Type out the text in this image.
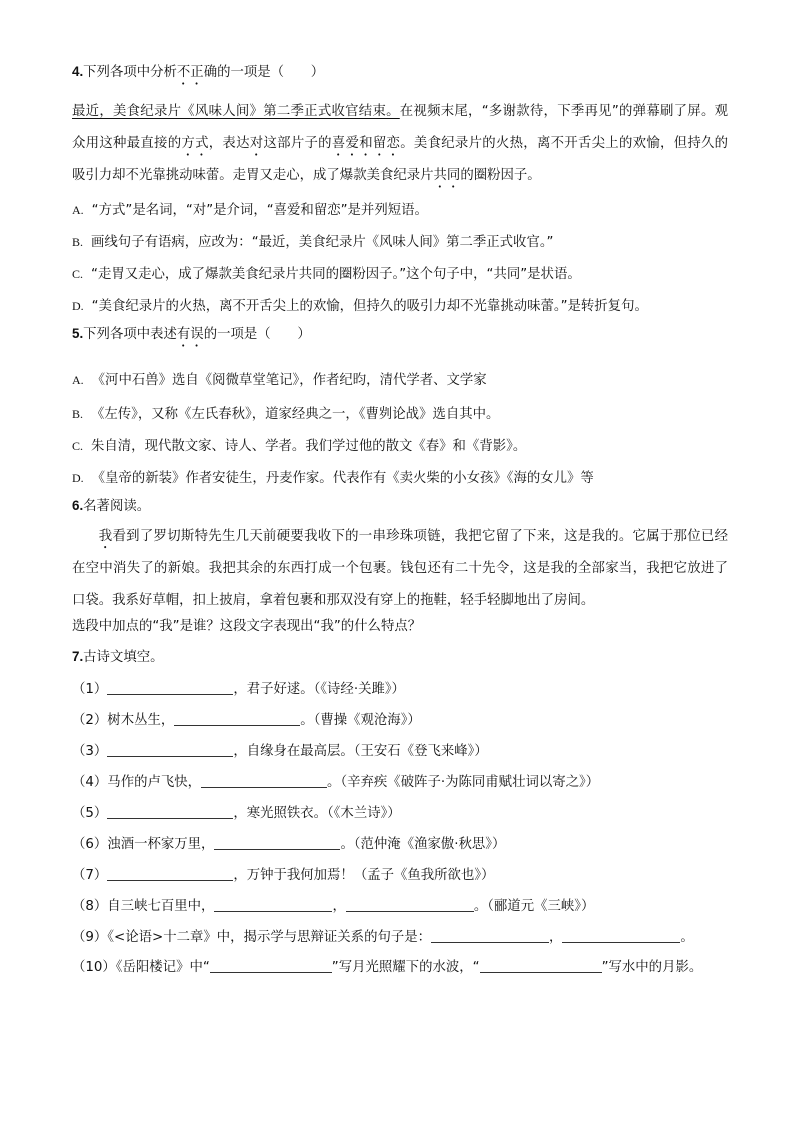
4.下列各项中分析不正确的一项是（　　）

最近，美食纪录片《风味人间》第二季正式收官结束。在视频末尾，“多谢款待，下季再见”的弹幕刷了屏。观众用这种最直接的方式，表达对这部片子的喜爱和留恋。美食纪录片的火热，离不开舌尖上的欢愉，但持久的吸引力却不光靠挑动味蕾。走胃又走心，成了爆款美食纪录片共同的圈粉因子。

A. “方式”是名词，“对”是介词，“喜爱和留恋”是并列短语。

B. 画线句子有语病，应改为：“最近，美食纪录片《风味人间》第二季正式收官。”

C. “走胃又走心，成了爆款美食纪录片共同的圈粉因子。”这个句子中，“共同”是状语。

D. “美食纪录片的火热，离不开舌尖上的欢愉，但持久的吸引力却不光靠挑动味蕾。”是转折复句。

5.下列各项中表述有误的一项是（　　）

A. 《河中石兽》选自《阅微草堂笔记》，作者纪昀，清代学者、文学家

B. 《左传》，又称《左氏春秋》，道家经典之一，《曹刿论战》选自其中。

C. 朱自清，现代散文家、诗人、学者。我们学过他的散文《春》和《背影》。

D. 《皇帝的新装》作者安徒生，丹麦作家。代表作有《卖火柴的小女孩》《海的女儿》等

6.名著阅读。

我看到了罗切斯特先生几天前硬要我收下的一串珍珠项链，我把它留了下来，这是我的。它属于那位已经在空中消失了的新娘。我把其余的东西打成一个包裹。钱包还有二十先令，这是我的全部家当，我把它放进了口袋。我系好草帽，扣上披肩，拿着包裹和那双没有穿上的拖鞋，轻手轻脚地出了房间。

选段中加点的“我”是谁？这段文字表现出“我”的什么特点？

7.古诗文填空。

（1）	，君子好逑。（《诗经·关雎》）

（2）树木丛生，	。（曹操《观沧海》）

（3）	，自缘身在最高层。（王安石《登飞来峰》）

（4）马作的卢飞快，	。（辛弃疾《破阵子·为陈同甫赋壮词以寄之》）

（5）	，寒光照铁衣。（《木兰诗》）

（6）浊酒一杯家万里，	。（范仲淹《渔家傲·秋思》）

（7）	，万钟于我何加焉！（孟子《鱼我所欲也》）

（8）自三峡七百里中，	，	。（郦道元《三峡》）

（9）《<论语>十二章》中，揭示学与思辩证关系的句子是：	，	。

（10）《岳阳楼记》中“	”写月光照耀下的水波，“	”写水中的月影。
